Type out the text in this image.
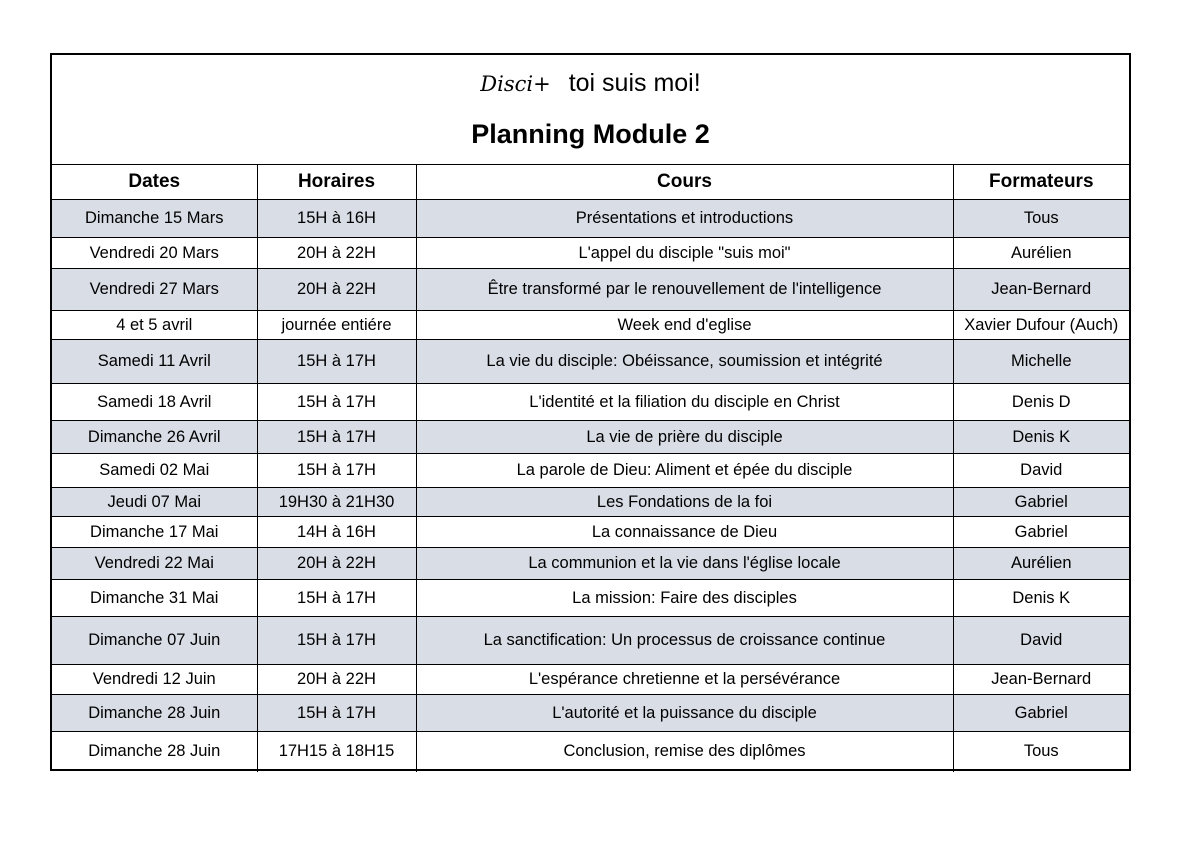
Disci+ toi suis moi!
Planning Module 2
Dates	Horaires	Cours	Formateurs
Dimanche 15 Mars	15H à 16H	Présentations et introductions	Tous
Vendredi 20 Mars	20H à 22H	L'appel du disciple "suis moi"	Aurélien
Vendredi 27 Mars	20H à 22H	Être transformé par le renouvellement de l'intelligence	Jean-Bernard
4 et 5 avril	journée entiére	Week end d'eglise	Xavier Dufour (Auch)
Samedi 11 Avril	15H à 17H	La vie du disciple: Obéissance, soumission et intégrité	Michelle
Samedi 18 Avril	15H à 17H	L'identité et la filiation du disciple en Christ	Denis D
Dimanche 26 Avril	15H à 17H	La vie de prière du disciple	Denis K
Samedi 02 Mai	15H à 17H	La parole de Dieu: Aliment et épée du disciple	David
Jeudi 07 Mai	19H30 à 21H30	Les Fondations de la foi	Gabriel
Dimanche 17 Mai	14H à 16H	La connaissance de Dieu	Gabriel
Vendredi 22 Mai	20H à 22H	La communion et la vie dans l'église locale	Aurélien
Dimanche 31 Mai	15H à 17H	La mission: Faire des disciples	Denis K
Dimanche 07 Juin	15H à 17H	La sanctification: Un processus de croissance continue	David
Vendredi 12 Juin	20H à 22H	L'espérance chretienne et la persévérance	Jean-Bernard
Dimanche 28 Juin	15H à 17H	L'autorité et la puissance du disciple	Gabriel
Dimanche 28 Juin	17H15 à 18H15	Conclusion, remise des diplômes	Tous
